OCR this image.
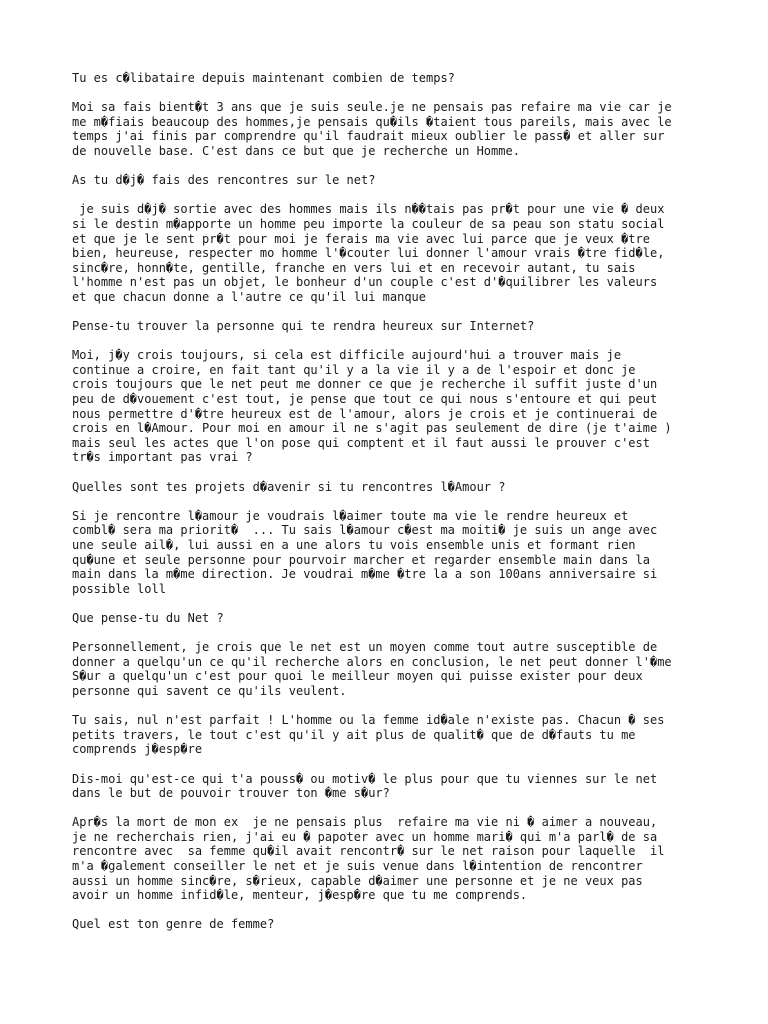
Tu es c�libataire depuis maintenant combien de temps?

Moi sa fais bient�t 3 ans que je suis seule.je ne pensais pas refaire ma vie car je
me m�fiais beaucoup des hommes,je pensais qu�ils �taient tous pareils, mais avec le
temps j'ai finis par comprendre qu'il faudrait mieux oublier le pass� et aller sur
de nouvelle base. C'est dans ce but que je recherche un Homme.

As tu d�j� fais des rencontres sur le net?

je suis d�j� sortie avec des hommes mais ils n��tais pas pr�t pour une vie � deux
si le destin m�apporte un homme peu importe la couleur de sa peau son statu social
et que je le sent pr�t pour moi je ferais ma vie avec lui parce que je veux �tre
bien, heureuse, respecter mo homme l'�couter lui donner l'amour vrais �tre fid�le,
sinc�re, honn�te, gentille, franche en vers lui et en recevoir autant, tu sais
l'homme n'est pas un objet, le bonheur d'un couple c'est d'�quilibrer les valeurs
et que chacun donne a l'autre ce qu'il lui manque

Pense-tu trouver la personne qui te rendra heureux sur Internet?

Moi, j�y crois toujours, si cela est difficile aujourd'hui a trouver mais je
continue a croire, en fait tant qu'il y a la vie il y a de l'espoir et donc je
crois toujours que le net peut me donner ce que je recherche il suffit juste d'un
peu de d�vouement c'est tout, je pense que tout ce qui nous s'entoure et qui peut
nous permettre d'�tre heureux est de l'amour, alors je crois et je continuerai de
crois en l�Amour. Pour moi en amour il ne s'agit pas seulement de dire (je t'aime )
mais seul les actes que l'on pose qui comptent et il faut aussi le prouver c'est
tr�s important pas vrai ?

Quelles sont tes projets d�avenir si tu rencontres l�Amour ?

Si je rencontre l�amour je voudrais l�aimer toute ma vie le rendre heureux et
combl� sera ma priorit�  ... Tu sais l�amour c�est ma moiti� je suis un ange avec
une seule ail�, lui aussi en a une alors tu vois ensemble unis et formant rien
qu�une et seule personne pour pourvoir marcher et regarder ensemble main dans la
main dans la m�me direction. Je voudrai m�me �tre la a son 100ans anniversaire si
possible loll

Que pense-tu du Net ?

Personnellement, je crois que le net est un moyen comme tout autre susceptible de
donner a quelqu'un ce qu'il recherche alors en conclusion, le net peut donner l'�me
S�ur a quelqu'un c'est pour quoi le meilleur moyen qui puisse exister pour deux
personne qui savent ce qu'ils veulent.

Tu sais, nul n'est parfait ! L'homme ou la femme id�ale n'existe pas. Chacun � ses
petits travers, le tout c'est qu'il y ait plus de qualit� que de d�fauts tu me
comprends j�esp�re

Dis-moi qu'est-ce qui t'a pouss� ou motiv� le plus pour que tu viennes sur le net
dans le but de pouvoir trouver ton �me s�ur?

Apr�s la mort de mon ex  je ne pensais plus  refaire ma vie ni � aimer a nouveau,
je ne recherchais rien, j'ai eu � papoter avec un homme mari� qui m'a parl� de sa
rencontre avec  sa femme qu�il avait rencontr� sur le net raison pour laquelle  il
m'a �galement conseiller le net et je suis venue dans l�intention de rencontrer
aussi un homme sinc�re, s�rieux, capable d�aimer une personne et je ne veux pas
avoir un homme infid�le, menteur, j�esp�re que tu me comprends.

Quel est ton genre de femme?
